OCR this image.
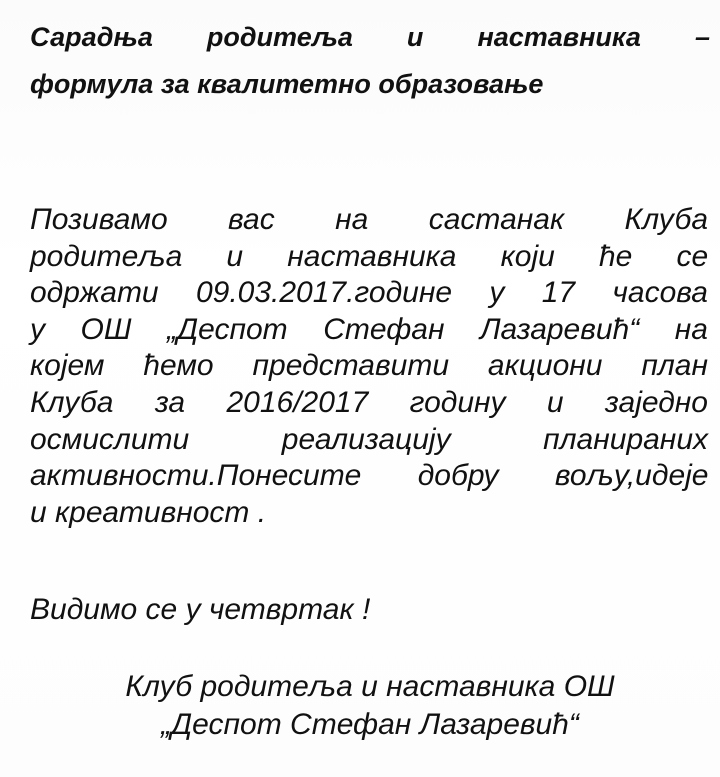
Сарадња родитеља и наставника –
формула за квалитетно образовање
Позивамо вас на састанак Клуба
родитеља и наставника који ће се
одржати 09.03.2017.године у 17 часова
у ОШ „Деспот Стефан Лазаревић“ на
којем ћемо представити акциони план
Клуба за 2016/2017 годину и заједно
осмислити реализацију планираних
активности.Понесите добру вољу,идеје
и креативност .

Видимо се у четвртак !

Клуб родитеља и наставника ОШ
„Деспот Стефан Лазаревић“
